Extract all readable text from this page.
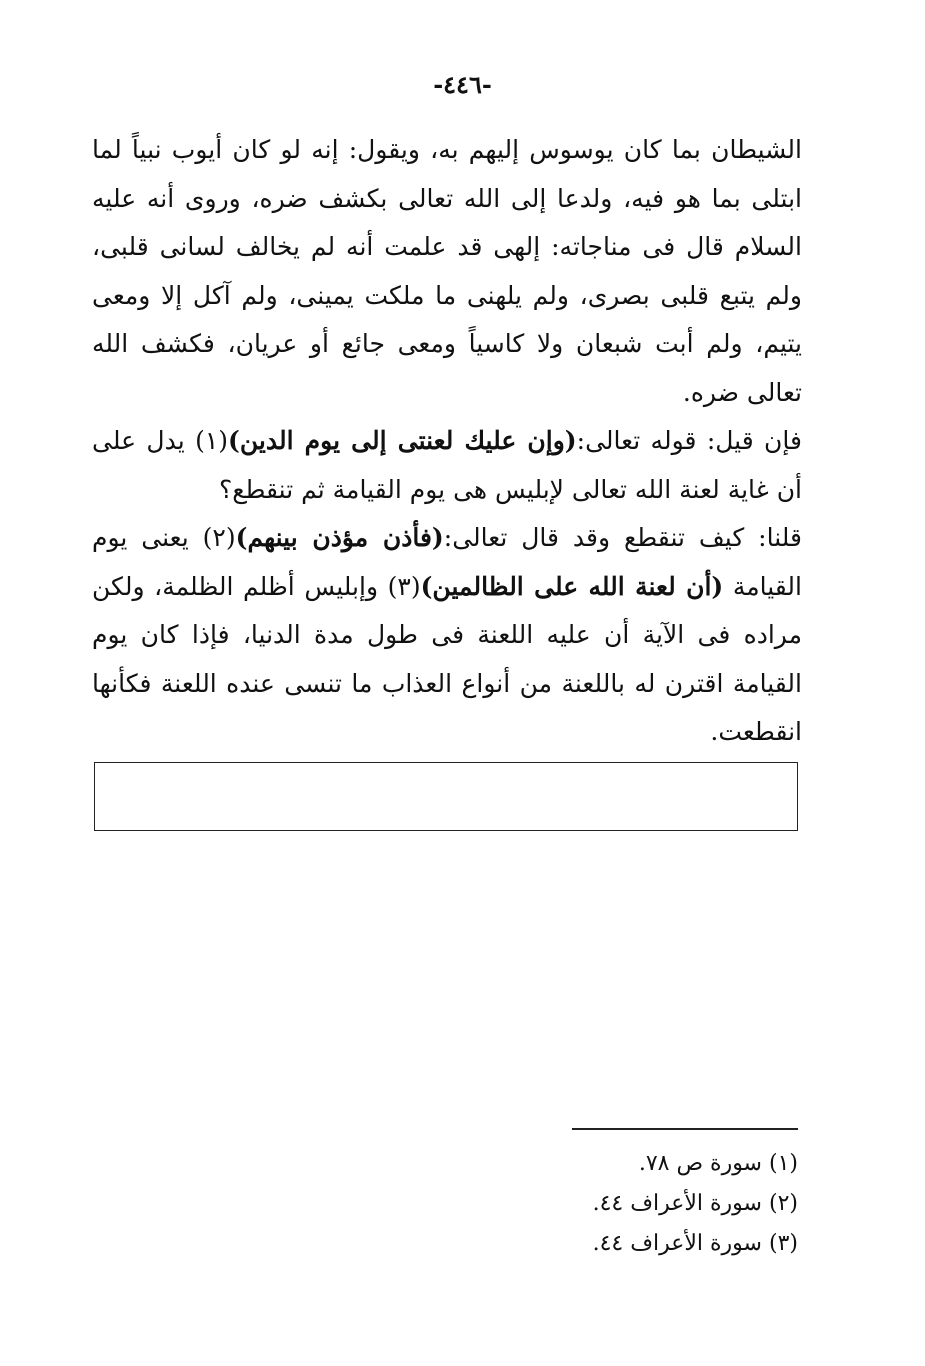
-٤٤٦-

الشيطان بما كان يوسوس إليهم به، ويقول: إنه لو كان أيوب نبياً لما ابتلى بما هو فيه، ولدعا إلى الله تعالى بكشف ضره، وروى أنه عليه السلام قال فى مناجاته: إلهى قد علمت أنه لم يخالف لسانى قلبى، ولم يتبع قلبى بصرى، ولم يلهنى ما ملكت يمينى، ولم آكل إلا ومعى يتيم، ولم أبت شبعان ولا كاسياً ومعى جائع أو عريان، فكشف الله تعالى ضره.

فإن قيل: قوله تعالى:(وإن عليك لعنتى إلى يوم الدين)(١) يدل على أن غاية لعنة الله تعالى لإبليس هى يوم القيامة ثم تنقطع؟

قلنا: كيف تنقطع وقد قال تعالى:(فأذن مؤذن بينهم)(٢) يعنى يوم القيامة (أن لعنة الله على الظالمين)(٣) وإبليس أظلم الظلمة، ولكن مراده فى الآية أن عليه اللعنة فى طول مدة الدنيا، فإذا كان يوم القيامة اقترن له باللعنة من أنواع العذاب ما تنسى عنده اللعنة فكأنها انقطعت.

(١) سورة ص ٧٨.
(٢) سورة الأعراف ٤٤.
(٣) سورة الأعراف ٤٤.
